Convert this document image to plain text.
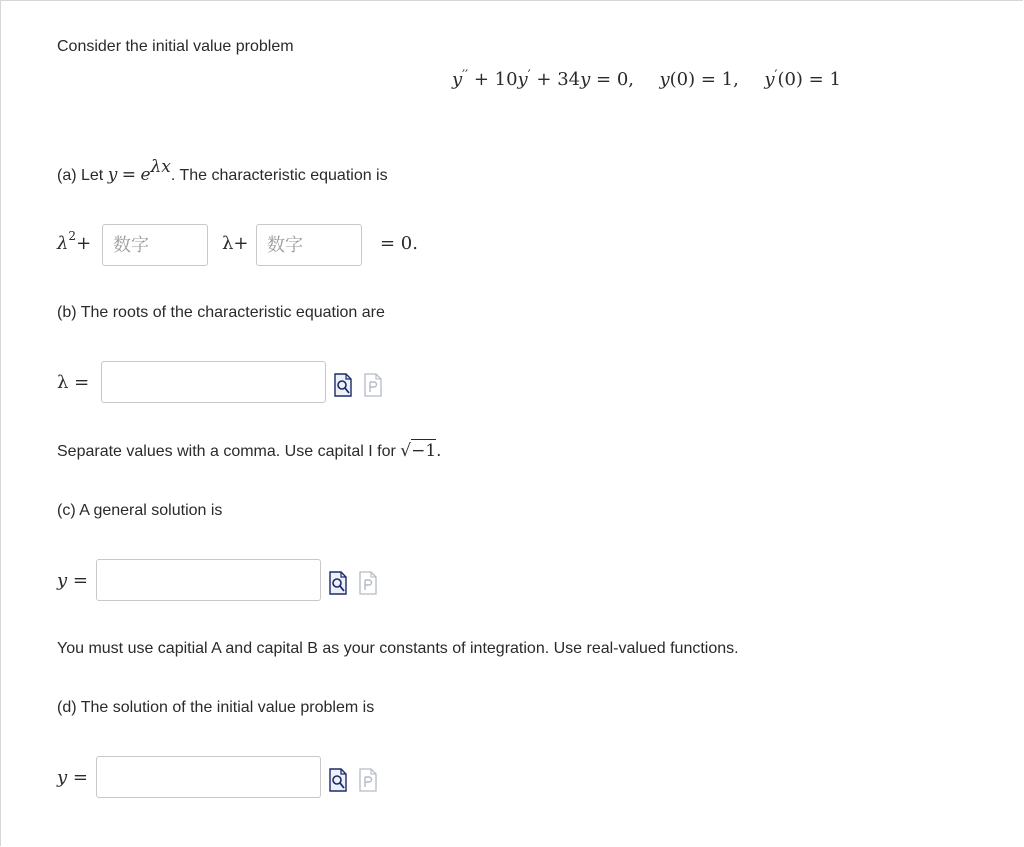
Consider the initial value problem
y′′ + 10y′ + 34y = 0, y(0) = 1, y′(0) = 1
(a) Let y = eλx. The characteristic equation is
$\lambda^2+$
数字	λ+
数字	= 0.
(b) The roots of the characteristic equation are
λ =
Separate values with a comma. Use capital I for √−1.
(c) A general solution is
y =
You must use capitial A and capital B as your constants of integration. Use real-valued functions.
(d) The solution of the initial value problem is
y =
